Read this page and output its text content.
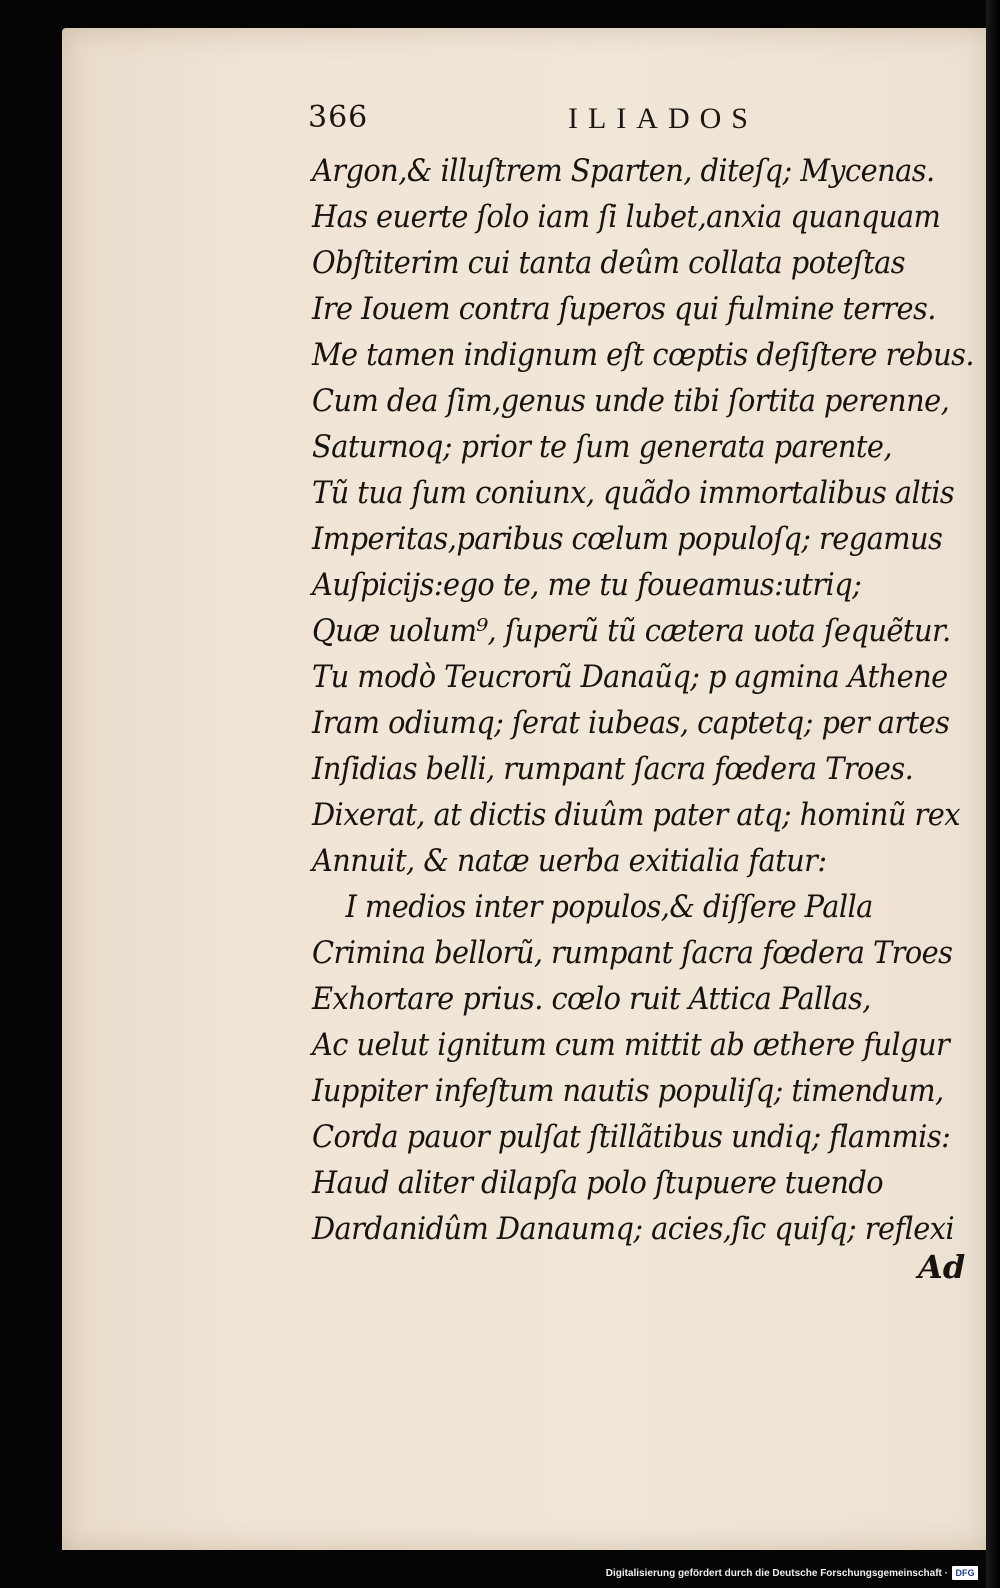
366	ILIADOS
Argon,& illuſtrem Sparten, diteſq; Mycenas.
Has euerte ſolo iam ſi lubet,anxia quanquam
Obſtiterim cui tanta deûm collata poteſtas
Ire Iouem contra ſuperos qui fulmine terres.
Me tamen indignum eſt cœptis deſiſtere rebus.
Cum dea ſim,genus unde tibi ſortita perenne,
Saturnoq; prior te ſum generata parente,
Tũ tua ſum coniunx, quãdo immortalibus altis
Imperitas,paribus cœlum populoſq; regamus
Auſpicijs:ego te, me tu foueamus:utriq;
Quæ uolum⁹, ſuperũ tũ cætera uota ſequẽtur.
Tu modò Teucrorũ Danaũq; p agmina Athene
Iram odiumq; ſerat iubeas, captetq; per artes
Inſidias belli, rumpant ſacra fœdera Troes.
Dixerat, at dictis diuûm pater atq; hominũ rex
Annuit, & natæ uerba exitialia fatur:
I medios inter populos,& diſſere Palla
Crimina bellorũ, rumpant ſacra fœdera Troes
Exhortare prius. cœlo ruit Attica Pallas,
Ac uelut ignitum cum mittit ab æthere fulgur
Iuppiter infeſtum nautis populiſq; timendum,
Corda pauor pulſat ſtillãtibus undiq; flammis:
Haud aliter dilapſa polo ſtupuere tuendo
Dardanidûm Danaumq; acies,ſic quiſq; reflexi
Ad
Digitalisierung gefördert durch die Deutsche Forschungsgemeinschaft · DFG
